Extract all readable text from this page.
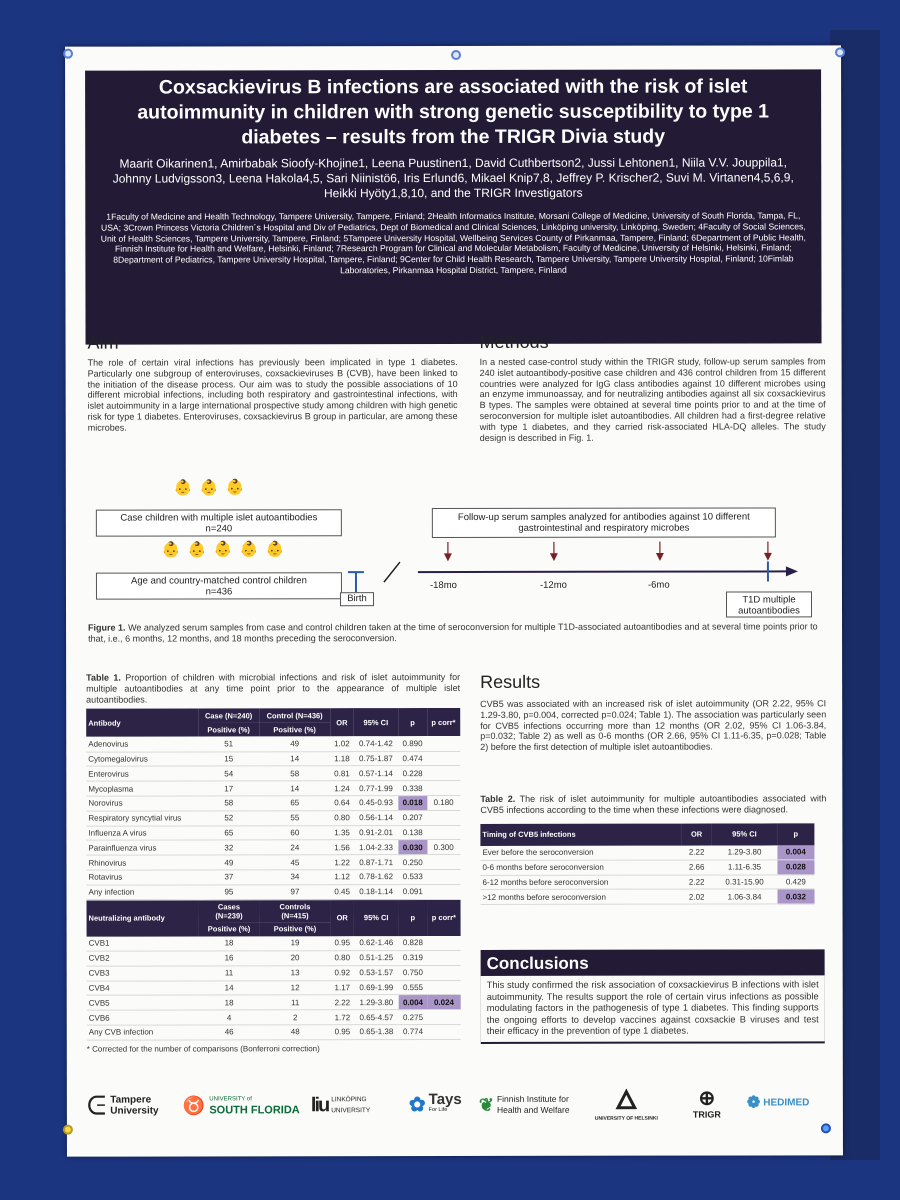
Coxsackievirus B infections are associated with the risk of islet autoimmunity in children with strong genetic susceptibility to type 1 diabetes – results from the TRIGR Divia study
Maarit Oikarinen1, Amirbabak Sioofy-Khojine1, Leena Puustinen1, David Cuthbertson2, Jussi Lehtonen1, Niila V.V. Jouppila1, Johnny Ludvigsson3, Leena Hakola4,5, Sari Niinistö6, Iris Erlund6, Mikael Knip7,8, Jeffrey P. Krischer2, Suvi M. Virtanen4,5,6,9, Heikki Hyöty1,8,10, and the TRIGR Investigators
1Faculty of Medicine and Health Technology, Tampere University, Tampere, Finland; 2Health Informatics Institute, Morsani College of Medicine, University of South Florida, Tampa, FL, USA; 3Crown Princess Victoria Children´s Hospital and Div of Pediatrics, Dept of Biomedical and Clinical Sciences, Linköping university, Linköping, Sweden; 4Faculty of Social Sciences, Unit of Health Sciences, Tampere University, Tampere, Finland; 5Tampere University Hospital, Wellbeing Services County of Pirkanmaa, Tampere, Finland; 6Department of Public Health, Finnish Institute for Health and Welfare, Helsinki, Finland; 7Research Program for Clinical and Molecular Metabolism, Faculty of Medicine, University of Helsinki, Helsinki, Finland; 8Department of Pediatrics, Tampere University Hospital, Tampere, Finland; 9Center for Child Health Research, Tampere University, Tampere University Hospital, Finland; 10Fimlab Laboratories, Pirkanmaa Hospital District, Tampere, Finland
Aim
The role of certain viral infections has previously been implicated in type 1 diabetes. Particularly one subgroup of enteroviruses, coxsackieviruses B (CVB), have been linked to the initiation of the disease process. Our aim was to study the possible associations of 10 different microbial infections, including both respiratory and gastrointestinal infections, with islet autoimmunity in a large international prospective study among children with high genetic risk for type 1 diabetes. Enteroviruses, coxsackievirus B group in particular, are among these microbes.
Methods
In a nested case-control study within the TRIGR study, follow-up serum samples from 240 islet autoantibody-positive case children and 436 control children from 15 different countries were analyzed for IgG class antibodies against 10 different microbes using an enzyme immunoassay, and for neutralizing antibodies against all six coxsackievirus B types. The samples were obtained at several time points prior to and at the time of seroconversion for multiple islet autoantibodies. All children had a first-degree relative with type 1 diabetes, and they carried risk-associated HLA-DQ alleles. The study design is described in Fig. 1.
👶 👶 👶
Case children with multiple islet autoantibodies
n=240
👶 👶 👶 👶 👶
Age and country-matched control children
n=436
Follow-up serum samples analyzed for antibodies against 10 different gastrointestinal and respiratory microbes
Birth
-18mo	-12mo	-6mo
T1D multiple autoantibodies
Figure 1. We analyzed serum samples from case and control children taken at the time of seroconversion for multiple T1D-associated autoantibodies and at several time points prior to that, i.e., 6 months, 12 months, and 18 months preceding the seroconversion.
Table 1. Proportion of children with microbial infections and risk of islet autoimmunity for multiple autoantibodies at any time point prior to the appearance of multiple islet autoantibodies.
Antibody	Case (N=240)	Control (N=436)	OR	95% CI	p	p corr*
	Positive (%)	Positive (%)				
Adenovirus	51	49	1.02	0.74-1.42	0.890	
Cytomegalovirus	15	14	1.18	0.75-1.87	0.474	
Enterovirus	54	58	0.81	0.57-1.14	0.228	
Mycoplasma	17	14	1.24	0.77-1.99	0.338	
Norovirus	58	65	0.64	0.45-0.93	0.018	0.180
Respiratory syncytial virus	52	55	0.80	0.56-1.14	0.207	
Influenza A virus	65	60	1.35	0.91-2.01	0.138	
Parainfluenza virus	32	24	1.56	1.04-2.33	0.030	0.300
Rhinovirus	49	45	1.22	0.87-1.71	0.250	
Rotavirus	37	34	1.12	0.78-1.62	0.533	
Any infection	95	97	0.45	0.18-1.14	0.091	
Neutralizing antibody	Cases
(N=239)	Controls
(N=415)	OR	95% CI	p	p corr*
	Positive (%)	Positive (%)				
CVB1	18	19	0.95	0.62-1.46	0.828	
CVB2	16	20	0.80	0.51-1.25	0.319	
CVB3	11	13	0.92	0.53-1.57	0.750	
CVB4	14	12	1.17	0.69-1.99	0.555	
CVB5	18	11	2.22	1.29-3.80	0.004	0.024
CVB6	4	2	1.72	0.65-4.57	0.275	
Any CVB infection	46	48	0.95	0.65-1.38	0.774	
* Corrected for the number of comparisons (Bonferroni correction)
Results
CVB5 was associated with an increased risk of islet autoimmunity (OR 2.22, 95% CI 1.29-3.80, p=0.004, corrected p=0.024; Table 1). The association was particularly seen for CVB5 infections occurring more than 12 months (OR 2.02, 95% CI 1.06-3.84, p=0.032; Table 2) as well as 0-6 months (OR 2.66, 95% CI 1.11-6.35, p=0.028; Table 2) before the first detection of multiple islet autoantibodies.
Table 2. The risk of islet autoimmunity for multiple autoantibodies associated with CVB5 infections according to the time when these infections were diagnosed.
Timing of CVB5 infections	OR	95% CI	p
Ever before the seroconversion	2.22	1.29-3.80	0.004
0-6 months before seroconversion	2.66	1.11-6.35	0.028
6-12 months before seroconversion	2.22	0.31-15.90	0.429
>12 months before seroconversion	2.02	1.06-3.84	0.032
Conclusions
This study confirmed the risk association of coxsackievirus B infections with islet autoimmunity. The results support the role of certain virus infections as possible modulating factors in the pathogenesis of type 1 diabetes. This finding supports the ongoing efforts to develop vaccines against coxsackie B viruses and test their efficacy in the prevention of type 1 diabetes.
ᕮ Tampere University	♉ UNIVERSITY of
SOUTH FLORIDA liu LINKÖPING UNIVERSITY ✿ Tays
For Life	❦ Finnish Institute for Health and Welfare	🜂
UNIVERSITY OF HELSINKI
⊕
TRIGR
❁ HEDIMED
